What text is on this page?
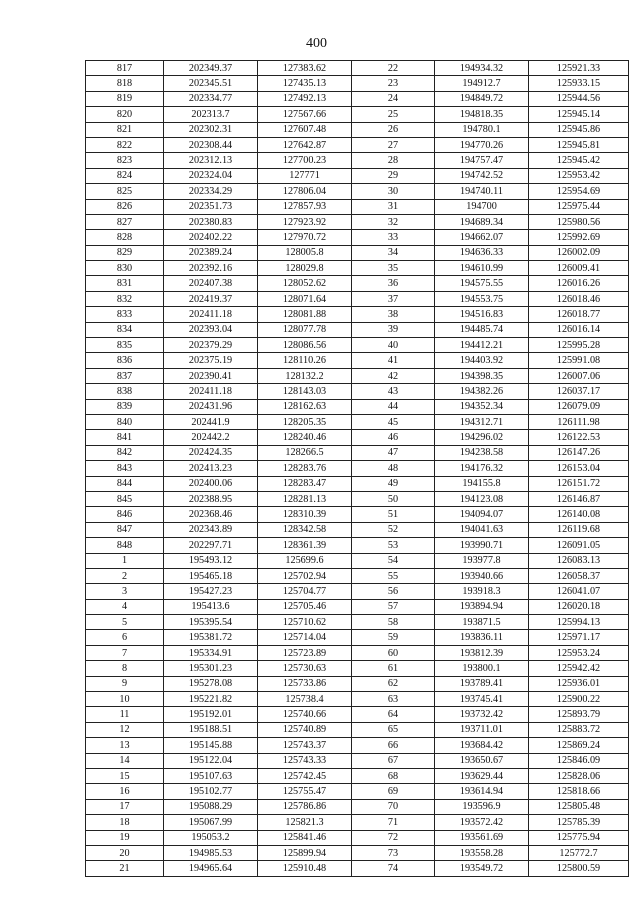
400
817	202349.37	127383.62	22	194934.32	125921.33
818	202345.51	127435.13	23	194912.7	125933.15
819	202334.77	127492.13	24	194849.72	125944.56
820	202313.7	127567.66	25	194818.35	125945.14
821	202302.31	127607.48	26	194780.1	125945.86
822	202308.44	127642.87	27	194770.26	125945.81
823	202312.13	127700.23	28	194757.47	125945.42
824	202324.04	127771	29	194742.52	125953.42
825	202334.29	127806.04	30	194740.11	125954.69
826	202351.73	127857.93	31	194700	125975.44
827	202380.83	127923.92	32	194689.34	125980.56
828	202402.22	127970.72	33	194662.07	125992.69
829	202389.24	128005.8	34	194636.33	126002.09
830	202392.16	128029.8	35	194610.99	126009.41
831	202407.38	128052.62	36	194575.55	126016.26
832	202419.37	128071.64	37	194553.75	126018.46
833	202411.18	128081.88	38	194516.83	126018.77
834	202393.04	128077.78	39	194485.74	126016.14
835	202379.29	128086.56	40	194412.21	125995.28
836	202375.19	128110.26	41	194403.92	125991.08
837	202390.41	128132.2	42	194398.35	126007.06
838	202411.18	128143.03	43	194382.26	126037.17
839	202431.96	128162.63	44	194352.34	126079.09
840	202441.9	128205.35	45	194312.71	126111.98
841	202442.2	128240.46	46	194296.02	126122.53
842	202424.35	128266.5	47	194238.58	126147.26
843	202413.23	128283.76	48	194176.32	126153.04
844	202400.06	128283.47	49	194155.8	126151.72
845	202388.95	128281.13	50	194123.08	126146.87
846	202368.46	128310.39	51	194094.07	126140.08
847	202343.89	128342.58	52	194041.63	126119.68
848	202297.71	128361.39	53	193990.71	126091.05
1	195493.12	125699.6	54	193977.8	126083.13
2	195465.18	125702.94	55	193940.66	126058.37
3	195427.23	125704.77	56	193918.3	126041.07
4	195413.6	125705.46	57	193894.94	126020.18
5	195395.54	125710.62	58	193871.5	125994.13
6	195381.72	125714.04	59	193836.11	125971.17
7	195334.91	125723.89	60	193812.39	125953.24
8	195301.23	125730.63	61	193800.1	125942.42
9	195278.08	125733.86	62	193789.41	125936.01
10	195221.82	125738.4	63	193745.41	125900.22
11	195192.01	125740.66	64	193732.42	125893.79
12	195188.51	125740.89	65	193711.01	125883.72
13	195145.88	125743.37	66	193684.42	125869.24
14	195122.04	125743.33	67	193650.67	125846.09
15	195107.63	125742.45	68	193629.44	125828.06
16	195102.77	125755.47	69	193614.94	125818.66
17	195088.29	125786.86	70	193596.9	125805.48
18	195067.99	125821.3	71	193572.42	125785.39
19	195053.2	125841.46	72	193561.69	125775.94
20	194985.53	125899.94	73	193558.28	125772.7
21	194965.64	125910.48	74	193549.72	125800.59
